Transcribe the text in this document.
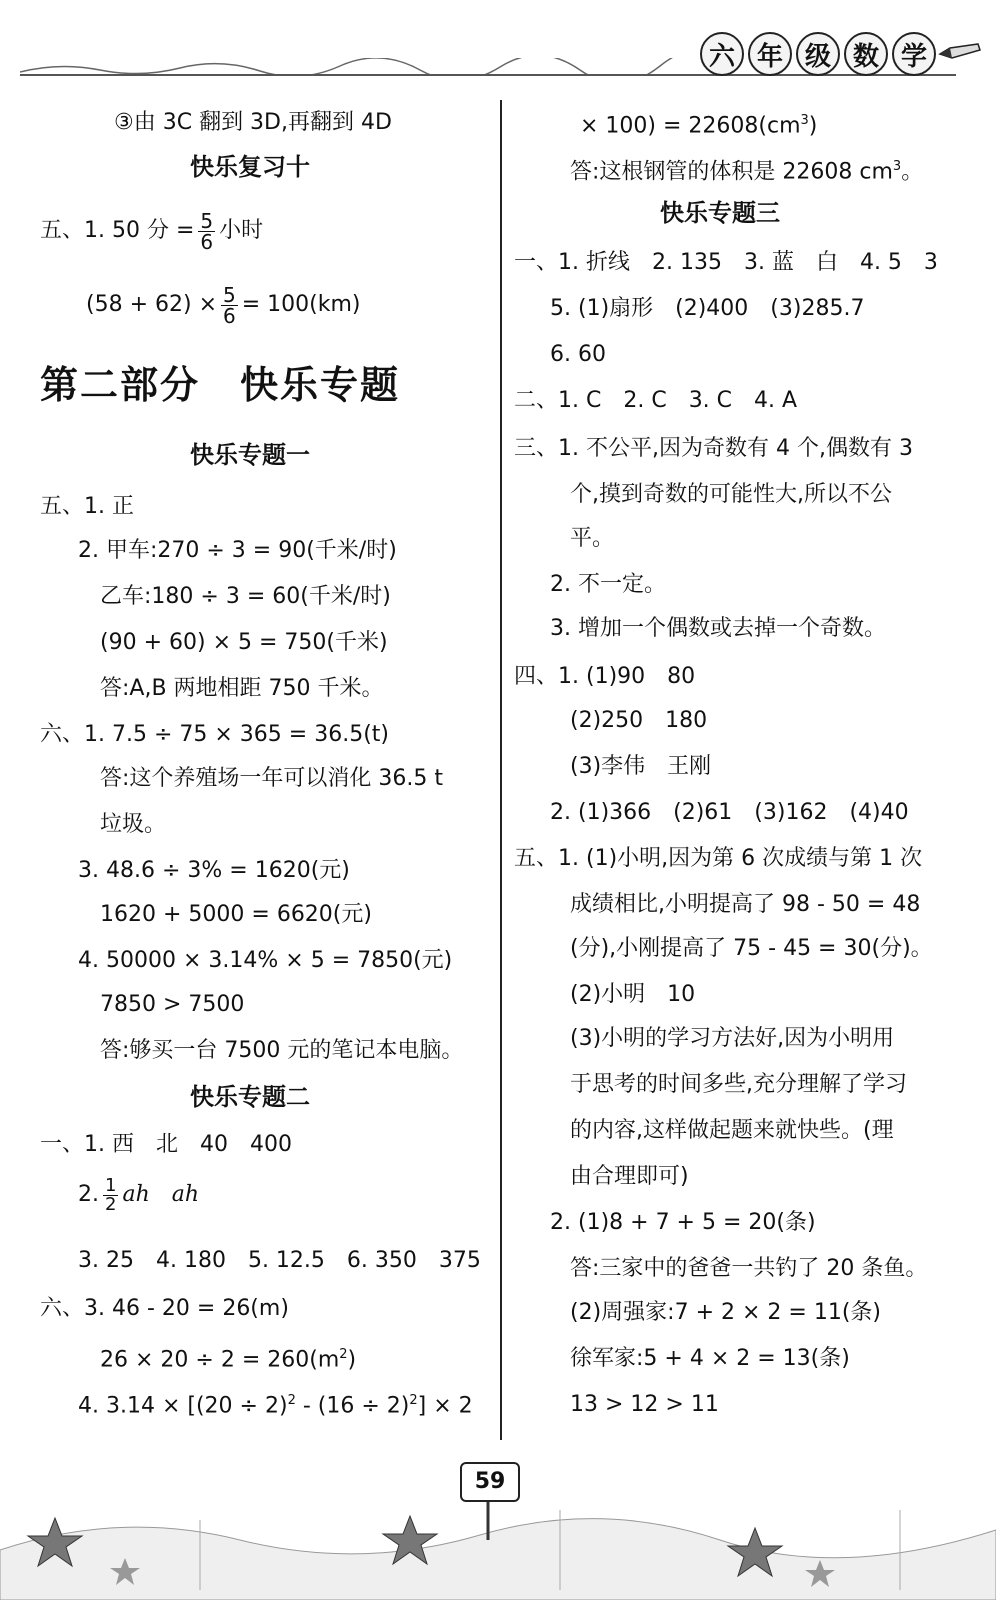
六 年 级 数 学
③由 3C 翻到 3D,再翻到 4D
快乐复习十
五、1. 50 分 = $\frac{5}{6}$ 小时
$(58 + 62) \times \frac{5}{6} = 100(km)$
第二部分　快乐专题
快乐专题一
五、1. 正
2. 甲车:270 ÷ 3 = 90(千米/时)
乙车:180 ÷ 3 = 60(千米/时)
(90 + 60) × 5 = 750(千米)
答:A,B 两地相距 750 千米。
六、1. 7.5 ÷ 75 × 365 = 36.5(t)
答:这个养殖场一年可以消化 36.5 t
垃圾。
3. 48.6 ÷ 3% = 1620(元)
1620 + 5000 = 6620(元)
4. 50000 × 3.14% × 5 = 7850(元)
7850 > 7500
答:够买一台 7500 元的笔记本电脑。
快乐专题二
一、1. 西　北　40　400
2. $\frac{1}{2}$ ah　ah
3. 25　4. 180　5. 12.5　6. 350　375
六、3. 46 - 20 = 26(m)
$26 \times 20 \div 2 = 260(m^2)$
4. $3.14 \times [(20 \div 2)^2 - (16 \div 2)^2] \times 2$
× $100) = 22608(cm^3)$
答:这根钢管的体积是 22608 $cm^3$。
快乐专题三
一、1. 折线　2. 135　3. 蓝　白　4. 5　3
5. (1)扇形　(2)400　(3)285.7
6. 60
二、1. C　2. C　3. C　4. A
三、1. 不公平,因为奇数有 4 个,偶数有 3
个,摸到奇数的可能性大,所以不公
平。
2. 不一定。
3. 增加一个偶数或去掉一个奇数。
四、1. (1)90　80
(2)250　180
(3)李伟　王刚
2. (1)366　(2)61　(3)162　(4)40
五、1. (1)小明,因为第 6 次成绩与第 1 次
成绩相比,小明提高了 98 - 50 = 48
(分),小刚提高了 75 - 45 = 30(分)。
(2)小明　10
(3)小明的学习方法好,因为小明用
于思考的时间多些,充分理解了学习
的内容,这样做起题来就快些。(理
由合理即可)
2. (1)8 + 7 + 5 = 20(条)
答:三家中的爸爸一共钓了 20 条鱼。
(2)周强家:7 + 2 × 2 = 11(条)
徐军家:5 + 4 × 2 = 13(条)
13 > 12 > 11
59
